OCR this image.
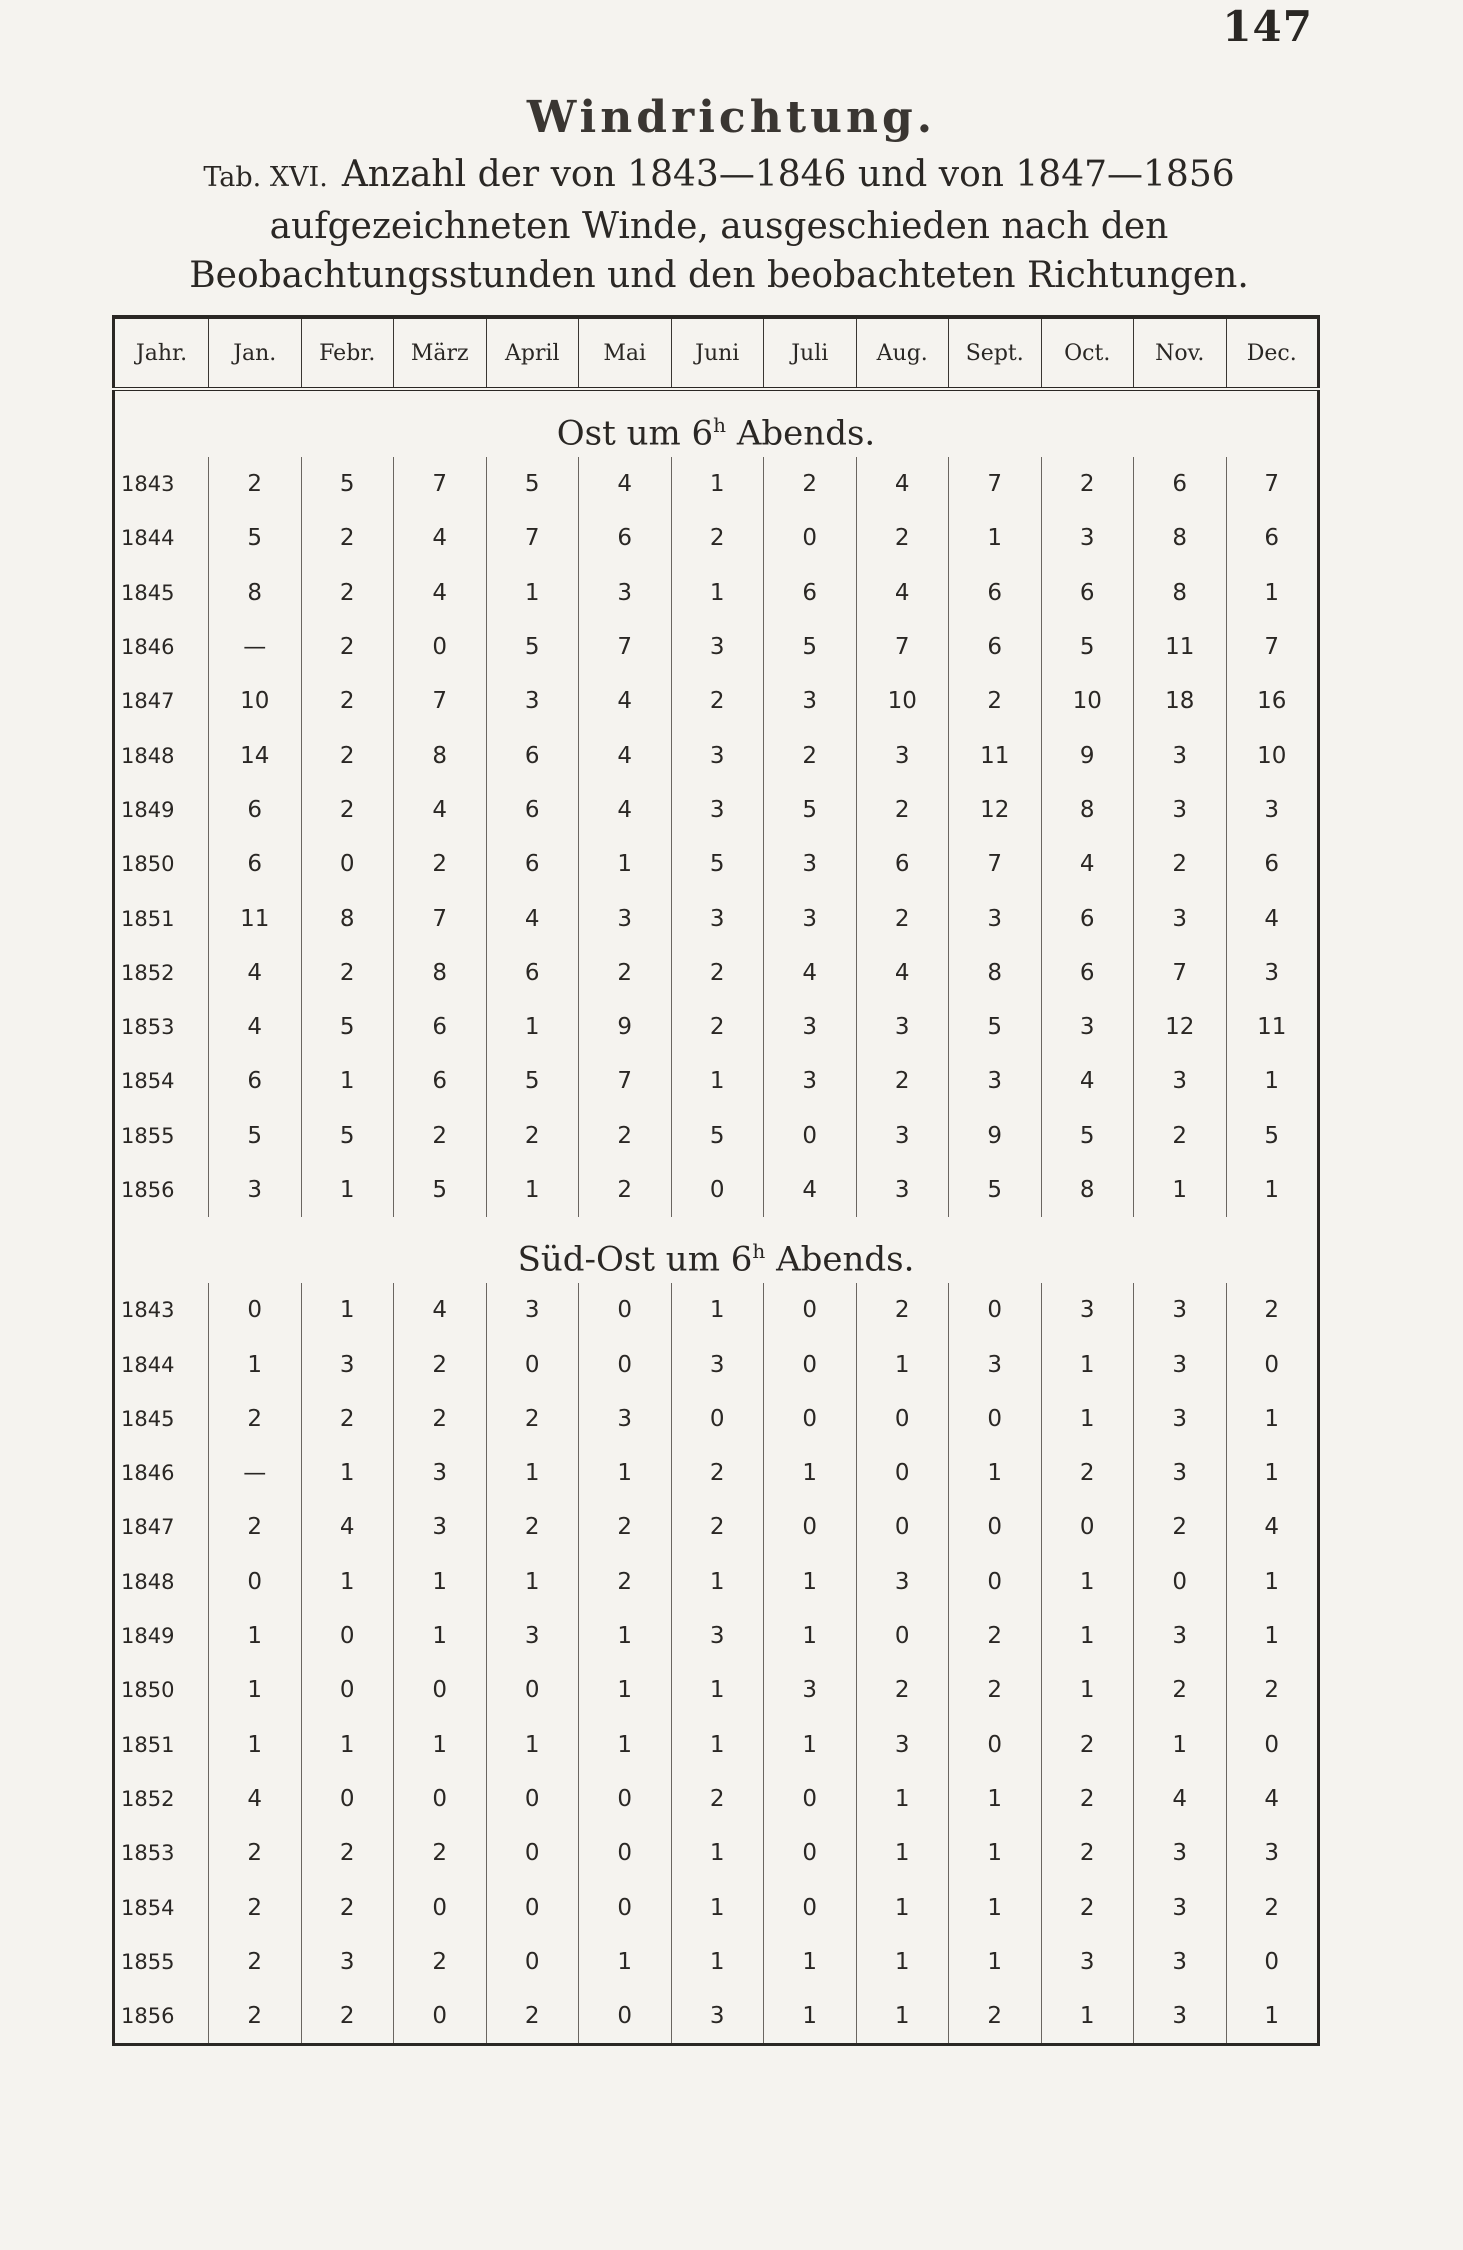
147
Windrichtung.
Tab. XVI. Anzahl der von 1843—1846 und von 1847—1856 aufgezeichneten Winde, ausgeschieden nach den Beobachtungsstunden und den beobachteten Richtungen.
Jahr.	Jan.	Febr.	März	April	Mai	Juni	Juli	Aug.	Sept.	Oct.	Nov.	Dec.
Ost um 6$^h$ Abends.												
1843	2	5	7	5	4	1	2	4	7	2	6	7
1844	5	2	4	7	6	2	0	2	1	3	8	6
1845	8	2	4	1	3	1	6	4	6	6	8	1
1846	—	2	0	5	7	3	5	7	6	5	11	7
1847	10	2	7	3	4	2	3	10	2	10	18	16
1848	14	2	8	6	4	3	2	3	11	9	3	10
1849	6	2	4	6	4	3	5	2	12	8	3	3
1850	6	0	2	6	1	5	3	6	7	4	2	6
1851	11	8	7	4	3	3	3	2	3	6	3	4
1852	4	2	8	6	2	2	4	4	8	6	7	3
1853	4	5	6	1	9	2	3	3	5	3	12	11
1854	6	1	6	5	7	1	3	2	3	4	3	1
1855	5	5	2	2	2	5	0	3	9	5	2	5
1856	3	1	5	1	2	0	4	3	5	8	1	1
Süd-Ost um 6$^h$ Abends.												
1843	0	1	4	3	0	1	0	2	0	3	3	2
1844	1	3	2	0	0	3	0	1	3	1	3	0
1845	2	2	2	2	3	0	0	0	0	1	3	1
1846	—	1	3	1	1	2	1	0	1	2	3	1
1847	2	4	3	2	2	2	0	0	0	0	2	4
1848	0	1	1	1	2	1	1	3	0	1	0	1
1849	1	0	1	3	1	3	1	0	2	1	3	1
1850	1	0	0	0	1	1	3	2	2	1	2	2
1851	1	1	1	1	1	1	1	3	0	2	1	0
1852	4	0	0	0	0	2	0	1	1	2	4	4
1853	2	2	2	0	0	1	0	1	1	2	3	3
1854	2	2	0	0	0	1	0	1	1	2	3	2
1855	2	3	2	0	1	1	1	1	1	3	3	0
1856	2	2	0	2	0	3	1	1	2	1	3	1
